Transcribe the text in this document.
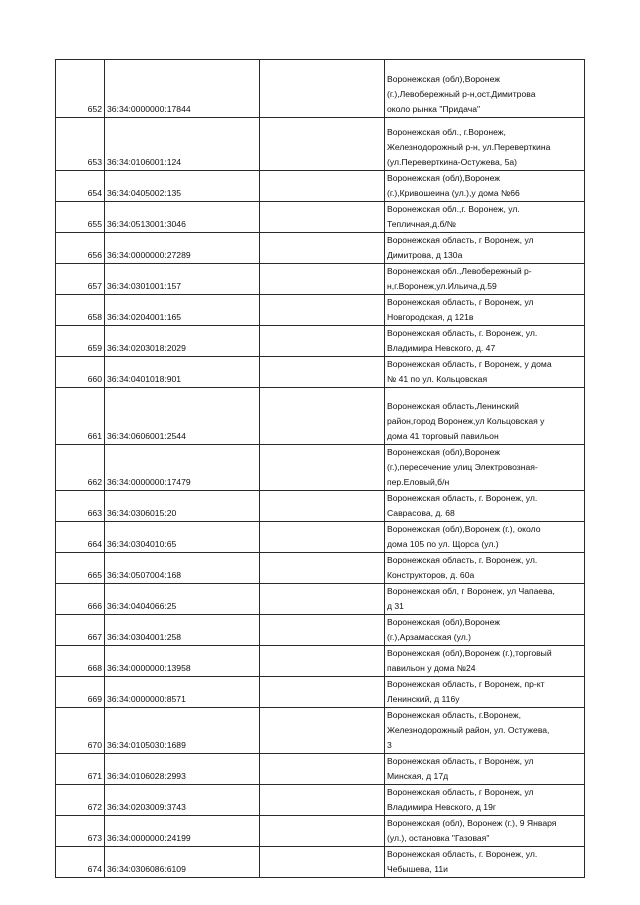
652	36:34:0000000:17844		Воронежская (обл),Воронеж
(г.),Левобережный р-н,ост.Димитрова
около рынка "Придача"

653	36:34:0106001:124		Воронежская обл., г.Воронеж,
Железнодорожный р-н, ул.Переверткина
(ул.Переверткина-Остужева, 5а)

654	36:34:0405002:135		Воронежская (обл),Воронеж
(г.),Кривошеина (ул.),у дома №66

655	36:34:0513001:3046		Воронежская обл.,г. Воронеж, ул.
Тепличная,д.б/№

656	36:34:0000000:27289		Воронежская область, г Воронеж, ул
Димитрова, д 130а

657	36:34:0301001:157		Воронежская обл.,Левобережный р-
н,г.Воронеж,ул.Ильича,д.59

658	36:34:0204001:165		Воронежская область, г Воронеж, ул
Новгородская, д 121в

659	36:34:0203018:2029		Воронежская область, г. Воронеж, ул.
Владимира Невского, д. 47

660	36:34:0401018:901		Воронежская область, г Воронеж, у дома
№ 41 по ул. Кольцовская

661	36:34:0606001:2544		Воронежская область,Ленинский
район,город Воронеж,ул Кольцовская у
дома 41 торговый павильон

662	36:34:0000000:17479		Воронежская (обл),Воронеж
(г.),пересечение улиц Электровозная-
пер.Еловый,б/н

663	36:34:0306015:20		Воронежская область, г. Воронеж, ул.
Саврасова, д. 68

664	36:34:0304010:65		Воронежская (обл),Воронеж (г.), около
дома 105 по ул. Щорса (ул.)

665	36:34:0507004:168		Воронежская область, г. Воронеж, ул.
Конструкторов, д. 60а

666	36:34:0404066:25		Воронежская обл, г Воронеж, ул Чапаева,
д 31

667	36:34:0304001:258		Воронежская (обл),Воронеж
(г.),Арзамасская (ул.)

668	36:34:0000000:13958		Воронежская (обл),Воронеж (г.),торговый
павильон у дома №24

669	36:34:0000000:8571		Воронежская область, г Воронеж, пр-кт
Ленинский, д 116у

670	36:34:0105030:1689		Воронежская область, г.Воронеж,
Железнодорожный район, ул. Остужева,
3

671	36:34:0106028:2993		Воронежская область, г Воронеж, ул
Минская, д 17д

672	36:34:0203009:3743		Воронежская область, г Воронеж, ул
Владимира Невского, д 19г

673	36:34:0000000:24199		Воронежская (обл), Воронеж (г.), 9 Января
(ул.), остановка "Газовая"

674	36:34:0306086:6109		Воронежская область, г. Воронеж, ул.
Чебышева, 11и
